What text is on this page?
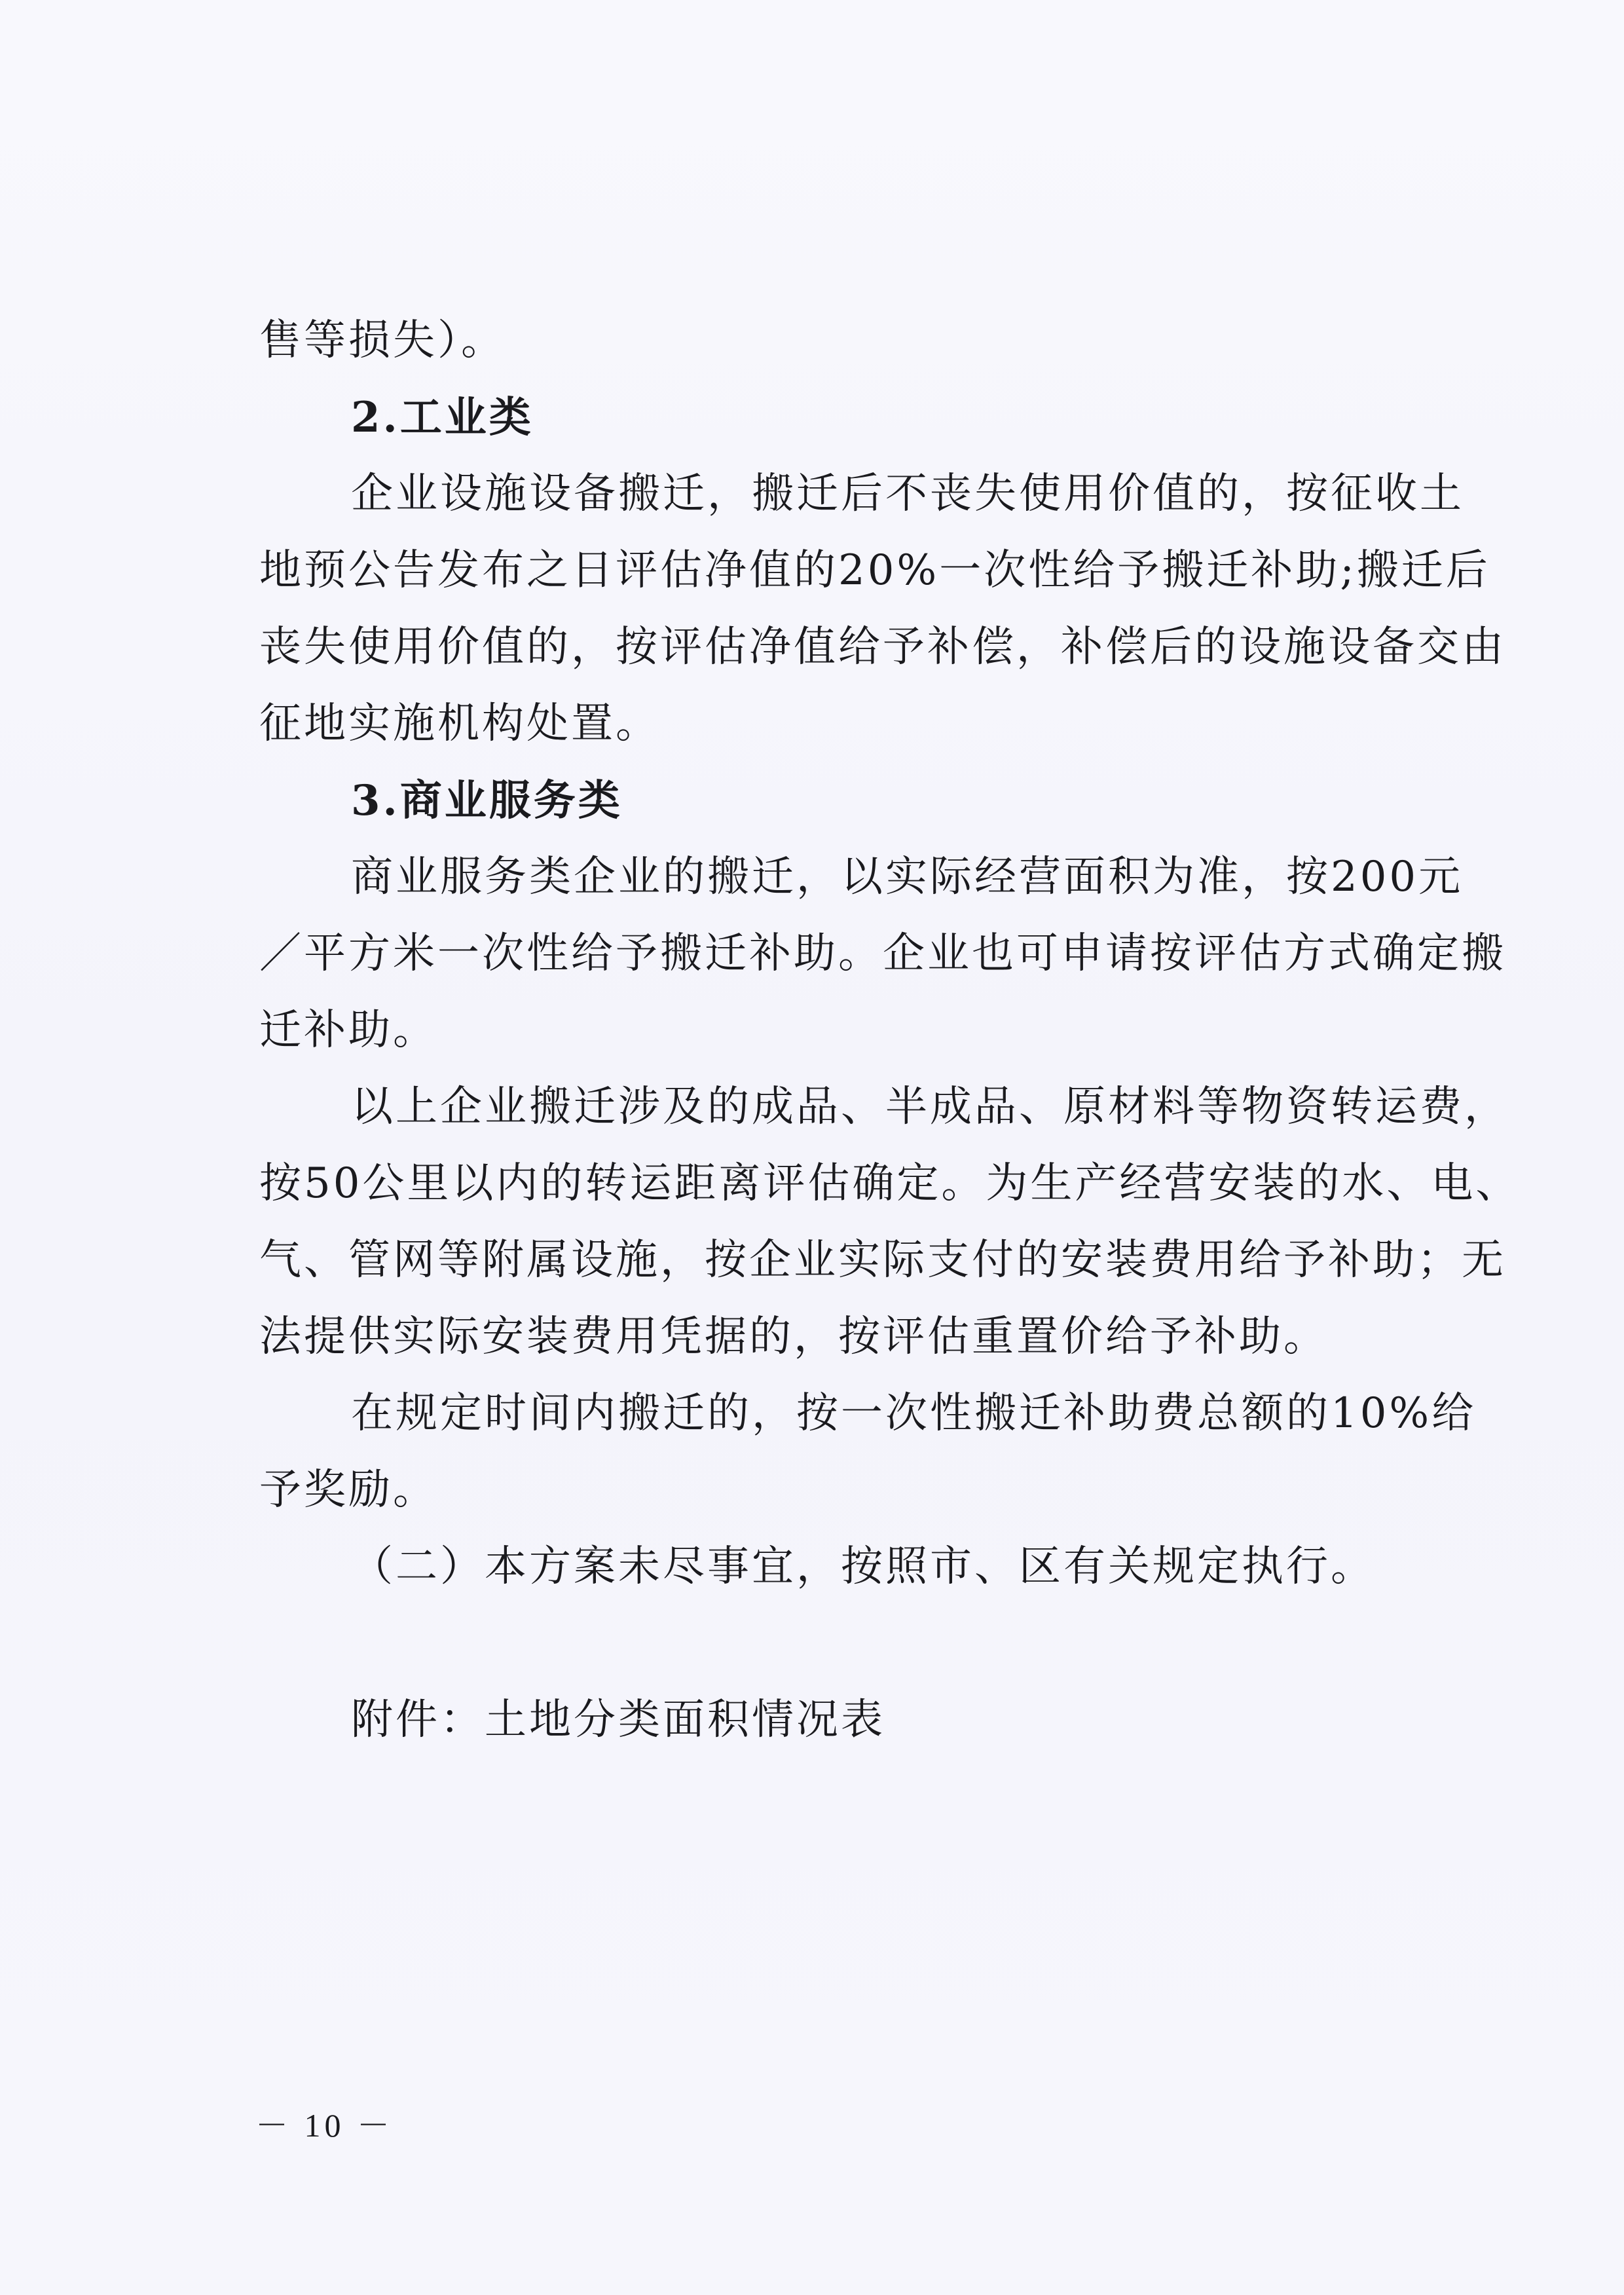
售等损失）。
2.工业类
企业设施设备搬迁，搬迁后不丧失使用价值的，按征收土
地预公告发布之日评估净值的20%一次性给予搬迁补助;搬迁后
丧失使用价值的，按评估净值给予补偿，补偿后的设施设备交由
征地实施机构处置。
3.商业服务类
商业服务类企业的搬迁，以实际经营面积为准，按200元
／平方米一次性给予搬迁补助。企业也可申请按评估方式确定搬
迁补助。
以上企业搬迁涉及的成品、半成品、原材料等物资转运费，
按50公里以内的转运距离评估确定。为生产经营安装的水、电、
气、管网等附属设施，按企业实际支付的安装费用给予补助；无
法提供实际安装费用凭据的，按评估重置价给予补助。
在规定时间内搬迁的，按一次性搬迁补助费总额的10%给
予奖励。
（二）本方案未尽事宜，按照市、区有关规定执行。
附件：土地分类面积情况表
－ 10 －
